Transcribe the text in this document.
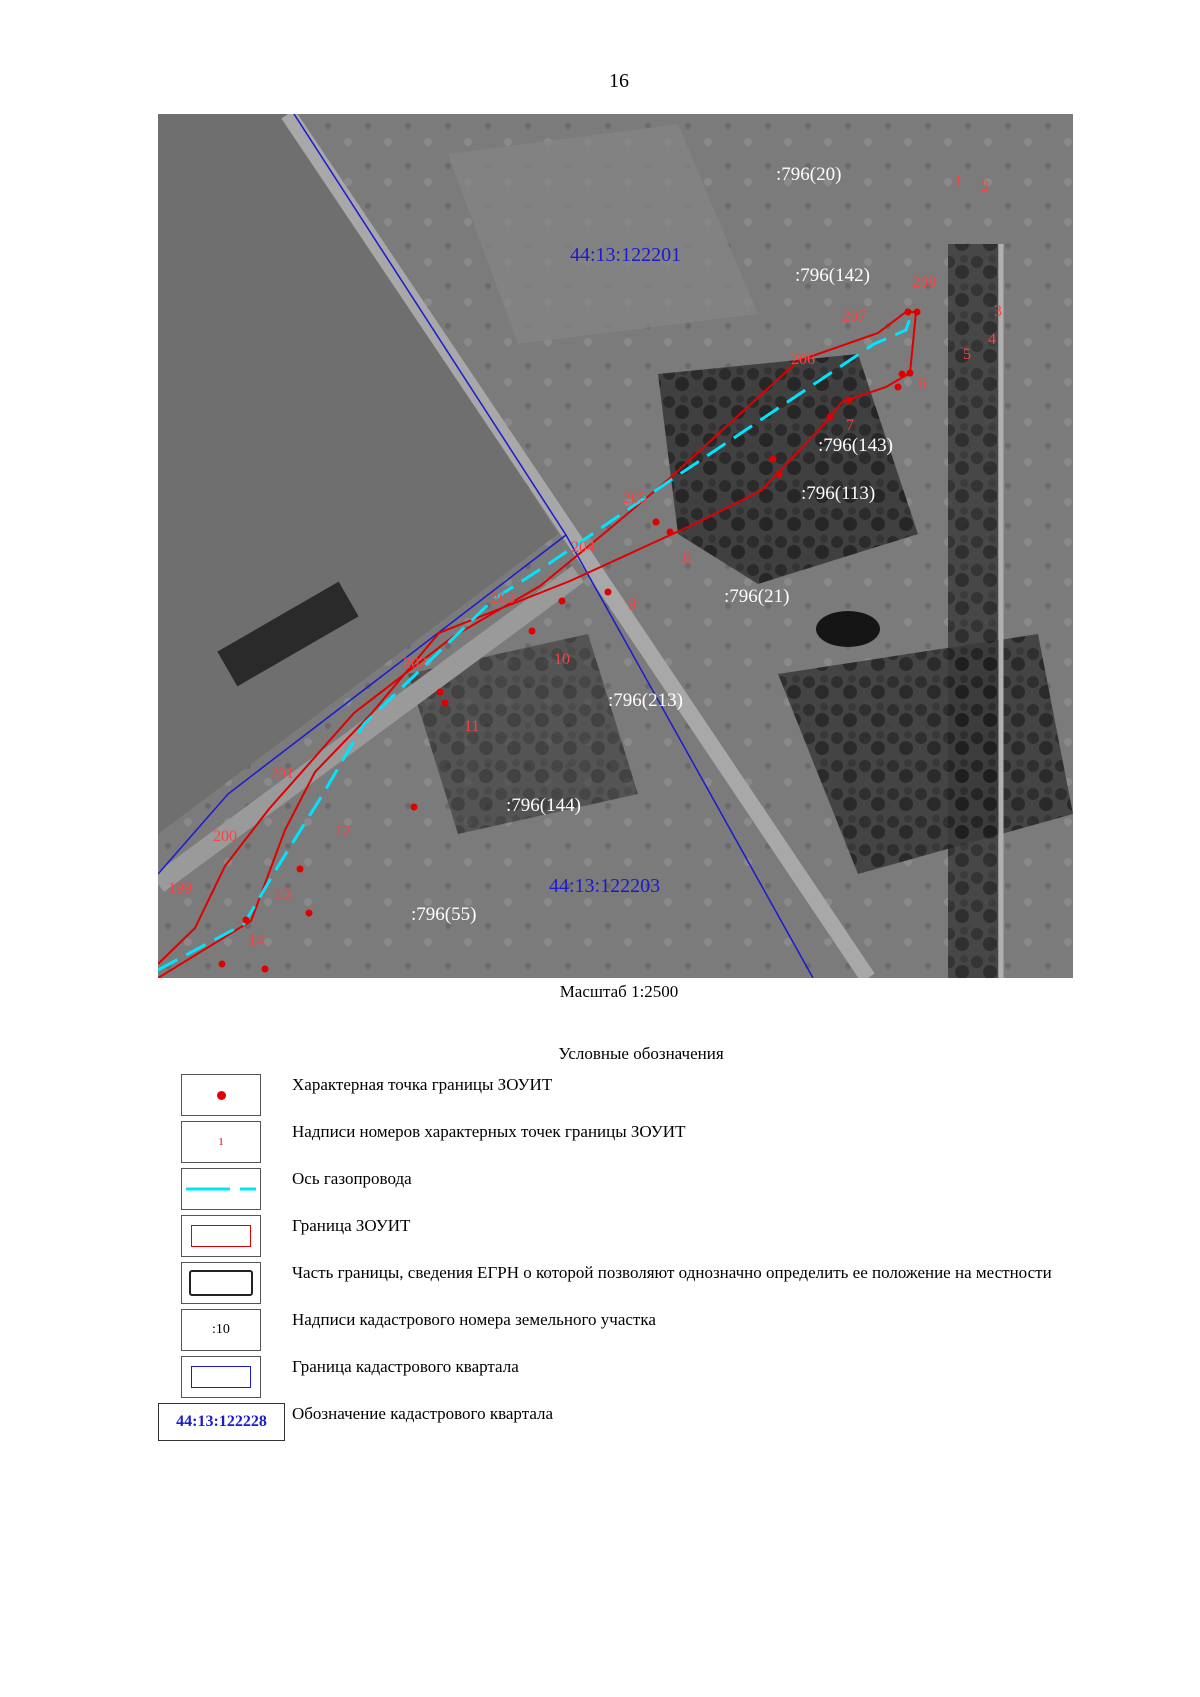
16
44:13:122201
44:13:122203
:796(20)
:796(142)
:796(143)
:796(113)
:796(21)
:796(213)
:796(144)
:796(55)
1 2
3
4
5
6
7
8
9
10
11
12
13
14
199
200
201
202
203
204
205
206
207
208
Масштаб 1:2500
Условные обозначения
Характерная точка границы ЗОУИТ
1
Надписи номеров характерных точек границы ЗОУИТ
Ось газопровода
Граница ЗОУИТ
Часть границы, сведения ЕГРН о которой позволяют однозначно определить ее положение на местности
:10
Надписи кадастрового номера земельного участка
Граница кадастрового квартала
44:13:122228 Обозначение кадастрового квартала
